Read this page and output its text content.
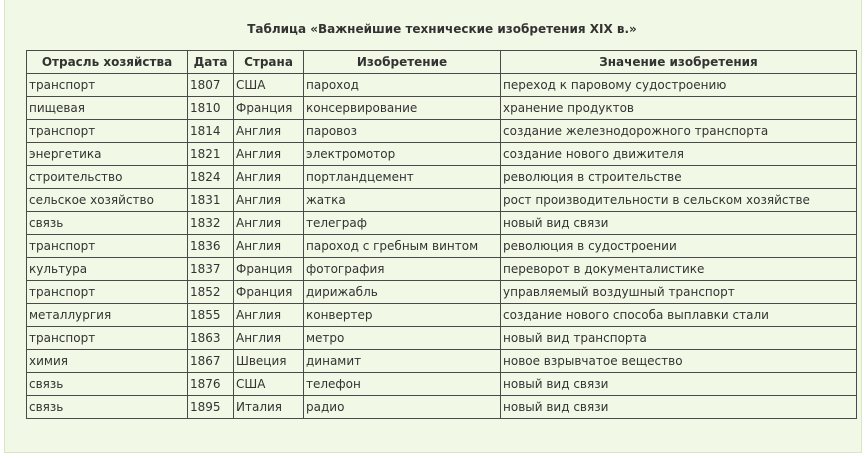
Таблица «Важнейшие технические изобретения XIX в.»
Отрасль хозяйства	Дата	Страна	Изобретение	Значение изобретения
транспорт	1807	США	пароход	переход к паровому судостроению
пищевая	1810	Франция	консервирование	хранение продуктов
транспорт	1814	Англия	паровоз	создание железнодорожного транспорта
энергетика	1821	Англия	электромотор	создание нового движителя
строительство	1824	Англия	портландцемент	революция в строительстве
сельское хозяйство	1831	Англия	жатка	рост производительности в сельском хозяйстве
связь	1832	Англия	телеграф	новый вид связи
транспорт	1836	Англия	пароход с гребным винтом	революция в судостроении
культура	1837	Франция	фотография	переворот в документалистике
транспорт	1852	Франция	дирижабль	управляемый воздушный транспорт
металлургия	1855	Англия	конвертер	создание нового способа выплавки стали
транспорт	1863	Англия	метро	новый вид транспорта
химия	1867	Швеция	динамит	новое взрывчатое вещество
связь	1876	США	телефон	новый вид связи
связь	1895	Италия	радио	новый вид связи
